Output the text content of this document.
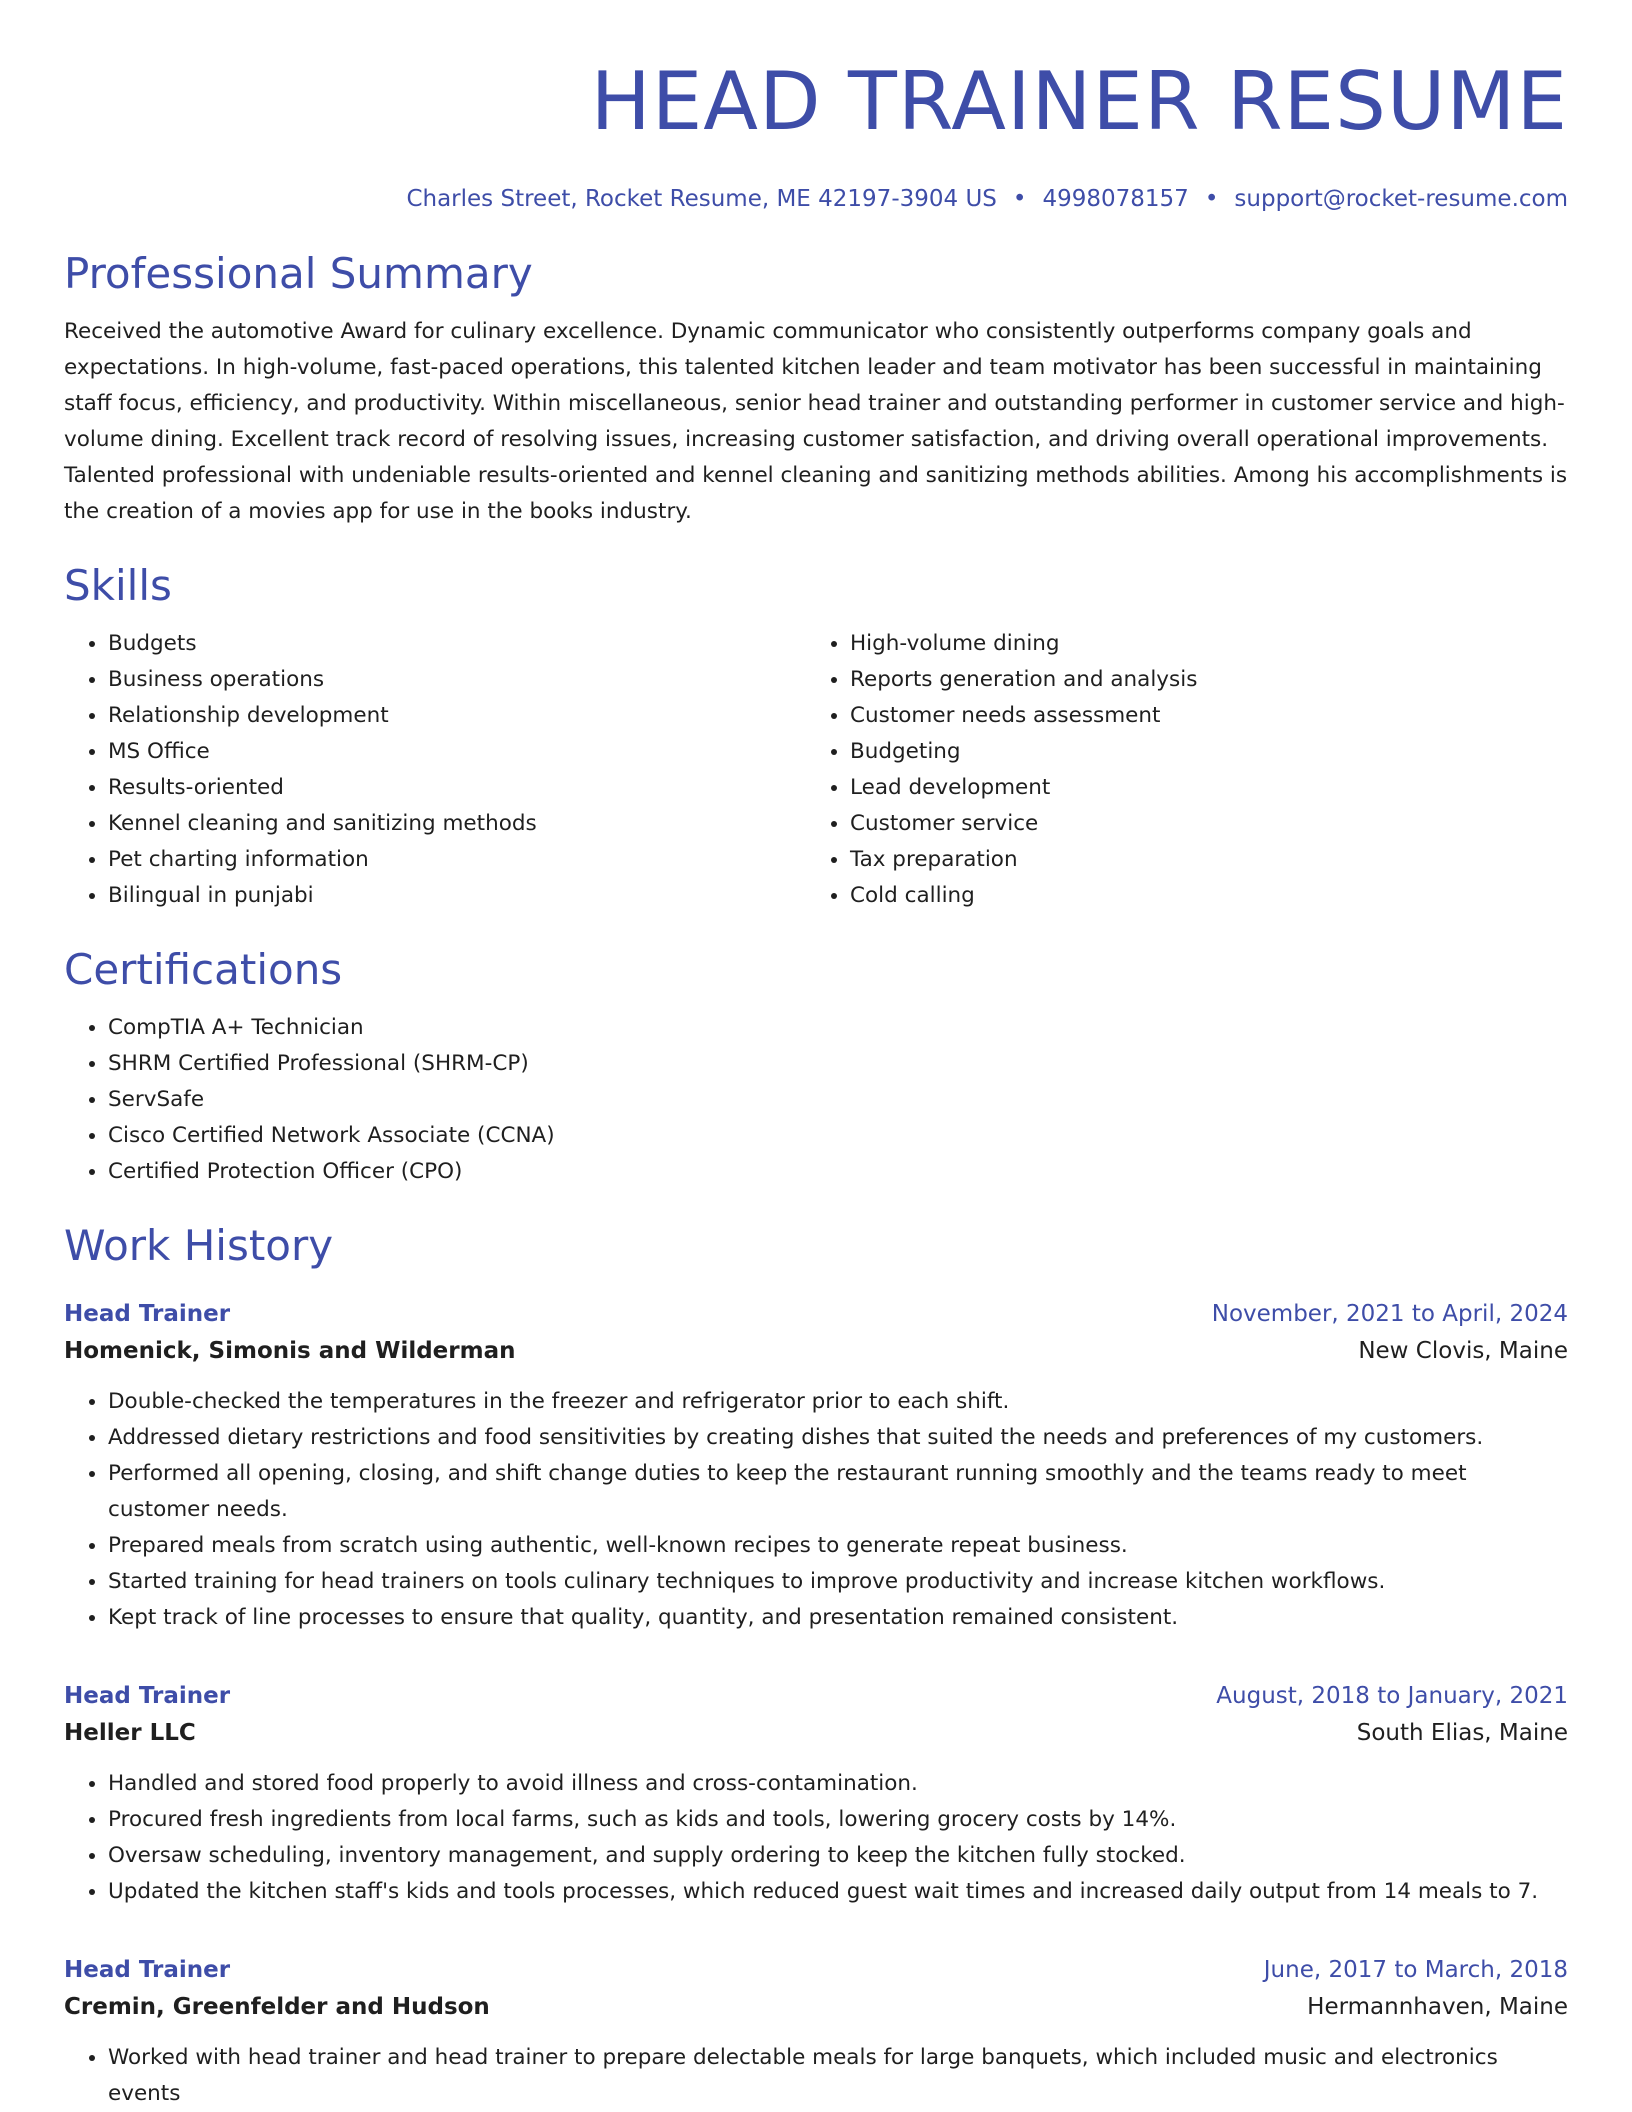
HEAD TRAINER RESUME
Charles Street, Rocket Resume, ME 42197-3904 US • 4998078157 • support@rocket-resume.com
Professional Summary
Received the automotive Award for culinary excellence. Dynamic communicator who consistently outperforms company goals and expectations. In high-volume, fast-paced operations, this talented kitchen leader and team motivator has been successful in maintaining staff focus, efficiency, and productivity. Within miscellaneous, senior head trainer and outstanding performer in customer service and high-volume dining. Excellent track record of resolving issues, increasing customer satisfaction, and driving overall operational improvements. Talented professional with undeniable results-oriented and kennel cleaning and sanitizing methods abilities. Among his accomplishments is the creation of a movies app for use in the books industry.
Skills
• Budgets
• Business operations
• Relationship development
• MS Office
• Results-oriented
• Kennel cleaning and sanitizing methods
• Pet charting information
• Bilingual in punjabi
• High-volume dining
• Reports generation and analysis
• Customer needs assessment
• Budgeting
• Lead development
• Customer service
• Tax preparation
• Cold calling
Certifications
• CompTIA A+ Technician
• SHRM Certified Professional (SHRM-CP)
• ServSafe
• Cisco Certified Network Associate (CCNA)
• Certified Protection Officer (CPO)
Work History
Head Trainer	November, 2021 to April, 2024
Homenick, Simonis and Wilderman	New Clovis, Maine
• Double-checked the temperatures in the freezer and refrigerator prior to each shift.
• Addressed dietary restrictions and food sensitivities by creating dishes that suited the needs and preferences of my customers.
• Performed all opening, closing, and shift change duties to keep the restaurant running smoothly and the teams ready to meet customer needs.
• Prepared meals from scratch using authentic, well-known recipes to generate repeat business.
• Started training for head trainers on tools culinary techniques to improve productivity and increase kitchen workflows.
• Kept track of line processes to ensure that quality, quantity, and presentation remained consistent.
Head Trainer	August, 2018 to January, 2021
Heller LLC	South Elias, Maine
• Handled and stored food properly to avoid illness and cross-contamination.
• Procured fresh ingredients from local farms, such as kids and tools, lowering grocery costs by 14%.
• Oversaw scheduling, inventory management, and supply ordering to keep the kitchen fully stocked.
• Updated the kitchen staff's kids and tools processes, which reduced guest wait times and increased daily output from 14 meals to 7.
Head Trainer	June, 2017 to March, 2018
Cremin, Greenfelder and Hudson	Hermannhaven, Maine
• Worked with head trainer and head trainer to prepare delectable meals for large banquets, which included music and electronics events
